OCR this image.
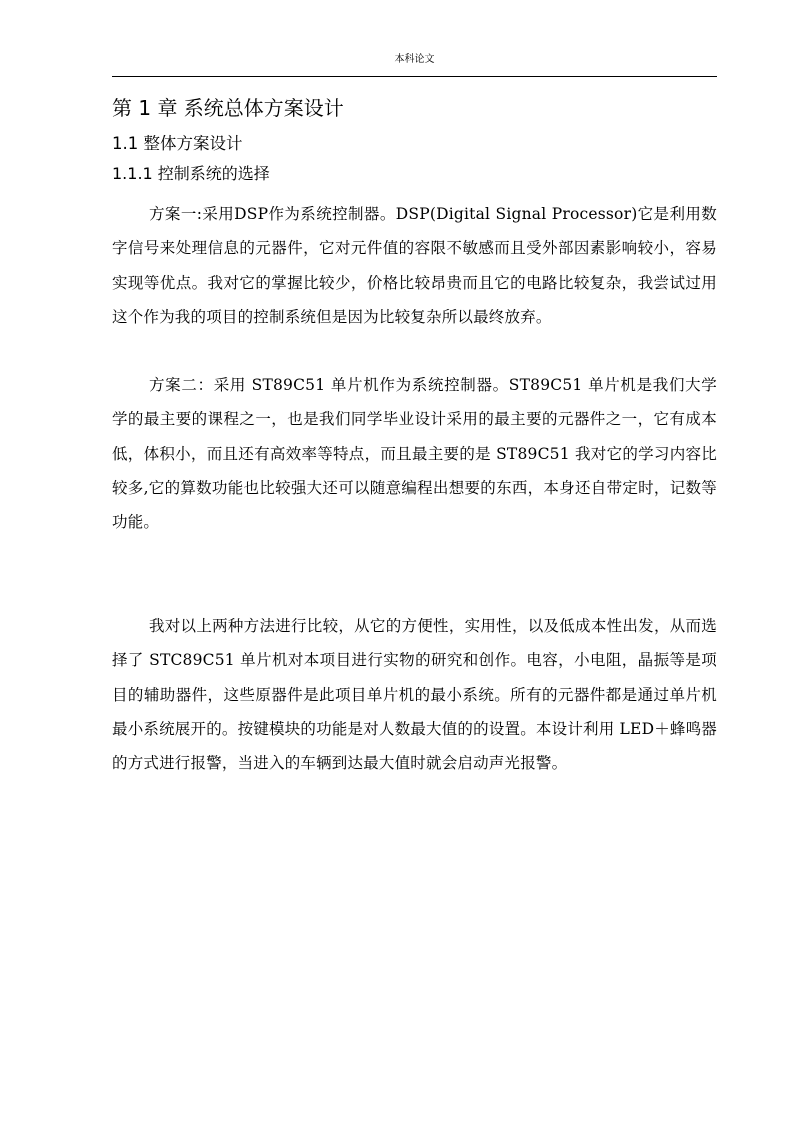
本科论文
第 1 章 系统总体方案设计
1.1 整体方案设计
1.1.1 控制系统的选择

方案一:采用DSP作为系统控制器。DSP(Digital Signal Processor)它是利用数字信号来处理信息的元器件，它对元件值的容限不敏感而且受外部因素影响较小，容易实现等优点。我对它的掌握比较少，价格比较昂贵而且它的电路比较复杂，我尝试过用这个作为我的项目的控制系统但是因为比较复杂所以最终放弃。

方案二：采用 ST89C51 单片机作为系统控制器。ST89C51 单片机是我们大学学的最主要的课程之一，也是我们同学毕业设计采用的最主要的元器件之一，它有成本低，体积小，而且还有高效率等特点，而且最主要的是 ST89C51 我对它的学习内容比较多,它的算数功能也比较强大还可以随意编程出想要的东西，本身还自带定时，记数等功能。

我对以上两种方法进行比较，从它的方便性，实用性，以及低成本性出发，从而选择了 STC89C51 单片机对本项目进行实物的研究和创作。电容，小电阻，晶振等是项目的辅助器件，这些原器件是此项目单片机的最小系统。所有的元器件都是通过单片机最小系统展开的。按键模块的功能是对人数最大值的的设置。本设计利用 LED＋蜂鸣器的方式进行报警，当进入的车辆到达最大值时就会启动声光报警。
